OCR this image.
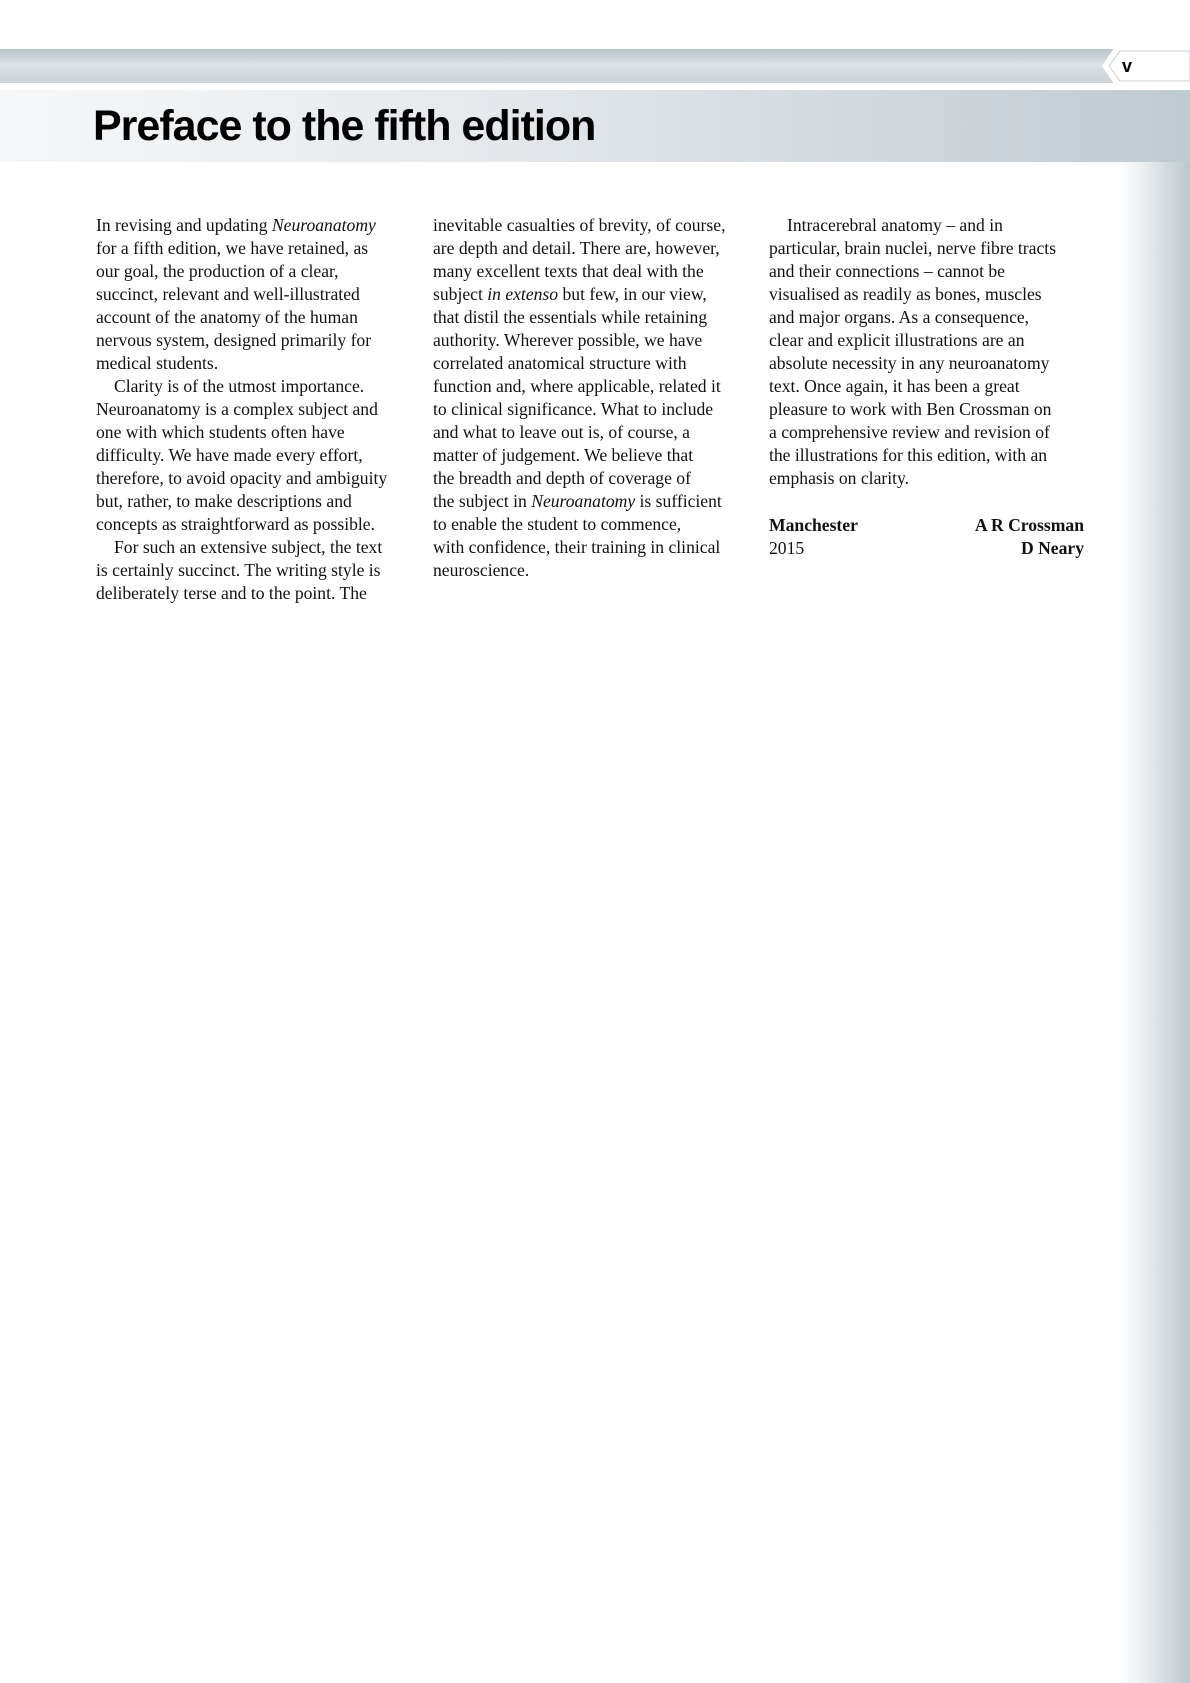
v
Preface to the fifth edition
In revising and updating Neuroanatomy
for a fifth edition, we have retained, as
our goal, the production of a clear,
succinct, relevant and well-illustrated
account of the anatomy of the human
nervous system, designed primarily for
medical students.
Clarity is of the utmost importance.
Neuroanatomy is a complex subject and
one with which students often have
difficulty. We have made every effort,
therefore, to avoid opacity and ambiguity
but, rather, to make descriptions and
concepts as straightforward as possible.
For such an extensive subject, the text
is certainly succinct. The writing style is
deliberately terse and to the point. The
inevitable casualties of brevity, of course,
are depth and detail. There are, however,
many excellent texts that deal with the
subject in extenso but few, in our view,
that distil the essentials while retaining
authority. Wherever possible, we have
correlated anatomical structure with
function and, where applicable, related it
to clinical significance. What to include
and what to leave out is, of course, a
matter of judgement. We believe that
the breadth and depth of coverage of
the subject in Neuroanatomy is sufficient
to enable the student to commence,
with confidence, their training in clinical
neuroscience.
Intracerebral anatomy – and in
particular, brain nuclei, nerve fibre tracts
and their connections – cannot be
visualised as readily as bones, muscles
and major organs. As a consequence,
clear and explicit illustrations are an
absolute necessity in any neuroanatomy
text. Once again, it has been a great
pleasure to work with Ben Crossman on
a comprehensive review and revision of
the illustrations for this edition, with an
emphasis on clarity.
Manchester	A R Crossman
2015	D Neary
